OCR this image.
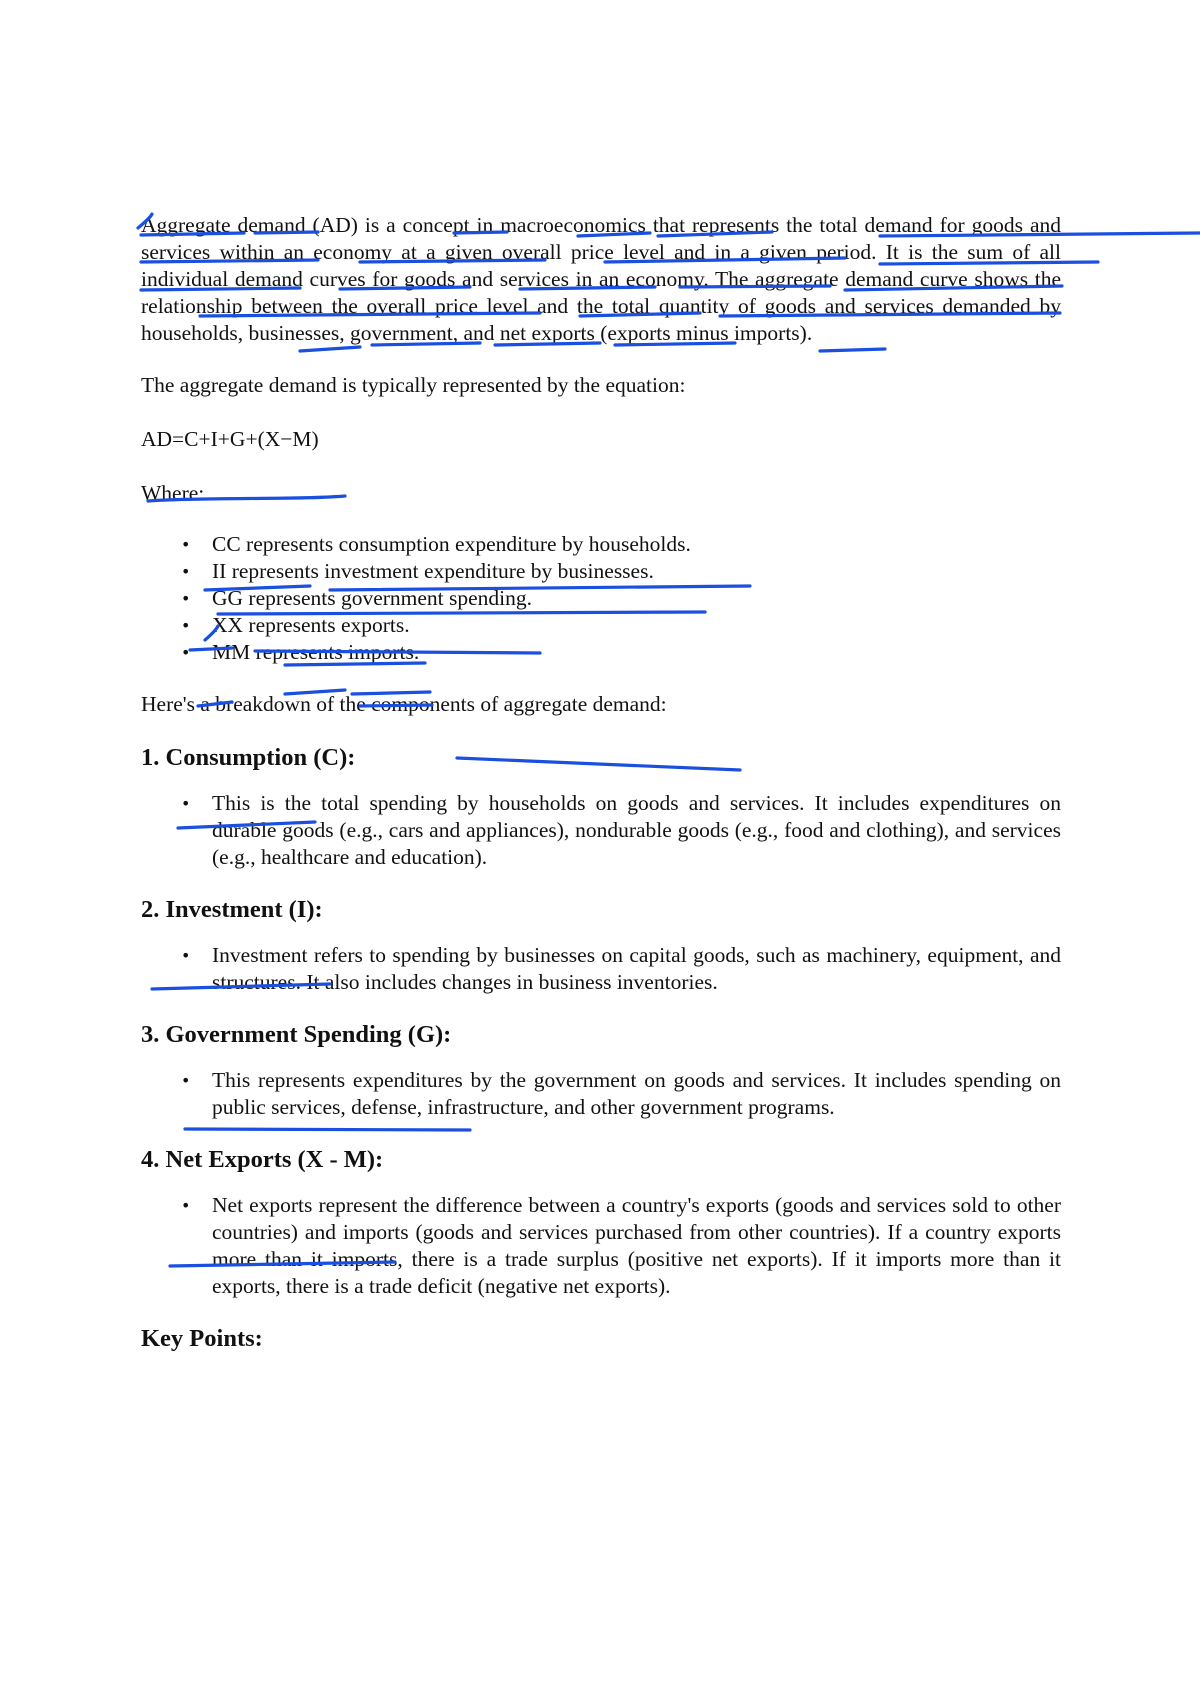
Aggregate demand (AD) is a concept in macroeconomics that represents the total demand for goods and services within an economy at a given overall price level and in a given period. It is the sum of all individual demand curves for goods and services in an economy. The aggregate demand curve shows the relationship between the overall price level and the total quantity of goods and services demanded by households, businesses, government, and net exports (exports minus imports).

The aggregate demand is typically represented by the equation:

AD=C+I+G+(X−M)

Where:

• CC represents consumption expenditure by households.
• II represents investment expenditure by businesses.
• GG represents government spending.
• XX represents exports.
• MM represents imports.

Here's a breakdown of the components of aggregate demand:

1. Consumption (C):
• This is the total spending by households on goods and services. It includes expenditures on durable goods (e.g., cars and appliances), nondurable goods (e.g., food and clothing), and services (e.g., healthcare and education).
2. Investment (I):
• Investment refers to spending by businesses on capital goods, such as machinery, equipment, and structures. It also includes changes in business inventories.
3. Government Spending (G):
• This represents expenditures by the government on goods and services. It includes spending on public services, defense, infrastructure, and other government programs.
4. Net Exports (X - M):
• Net exports represent the difference between a country's exports (goods and services sold to other countries) and imports (goods and services purchased from other countries). If a country exports more than it imports, there is a trade surplus (positive net exports). If it imports more than it exports, there is a trade deficit (negative net exports).

Key Points:
